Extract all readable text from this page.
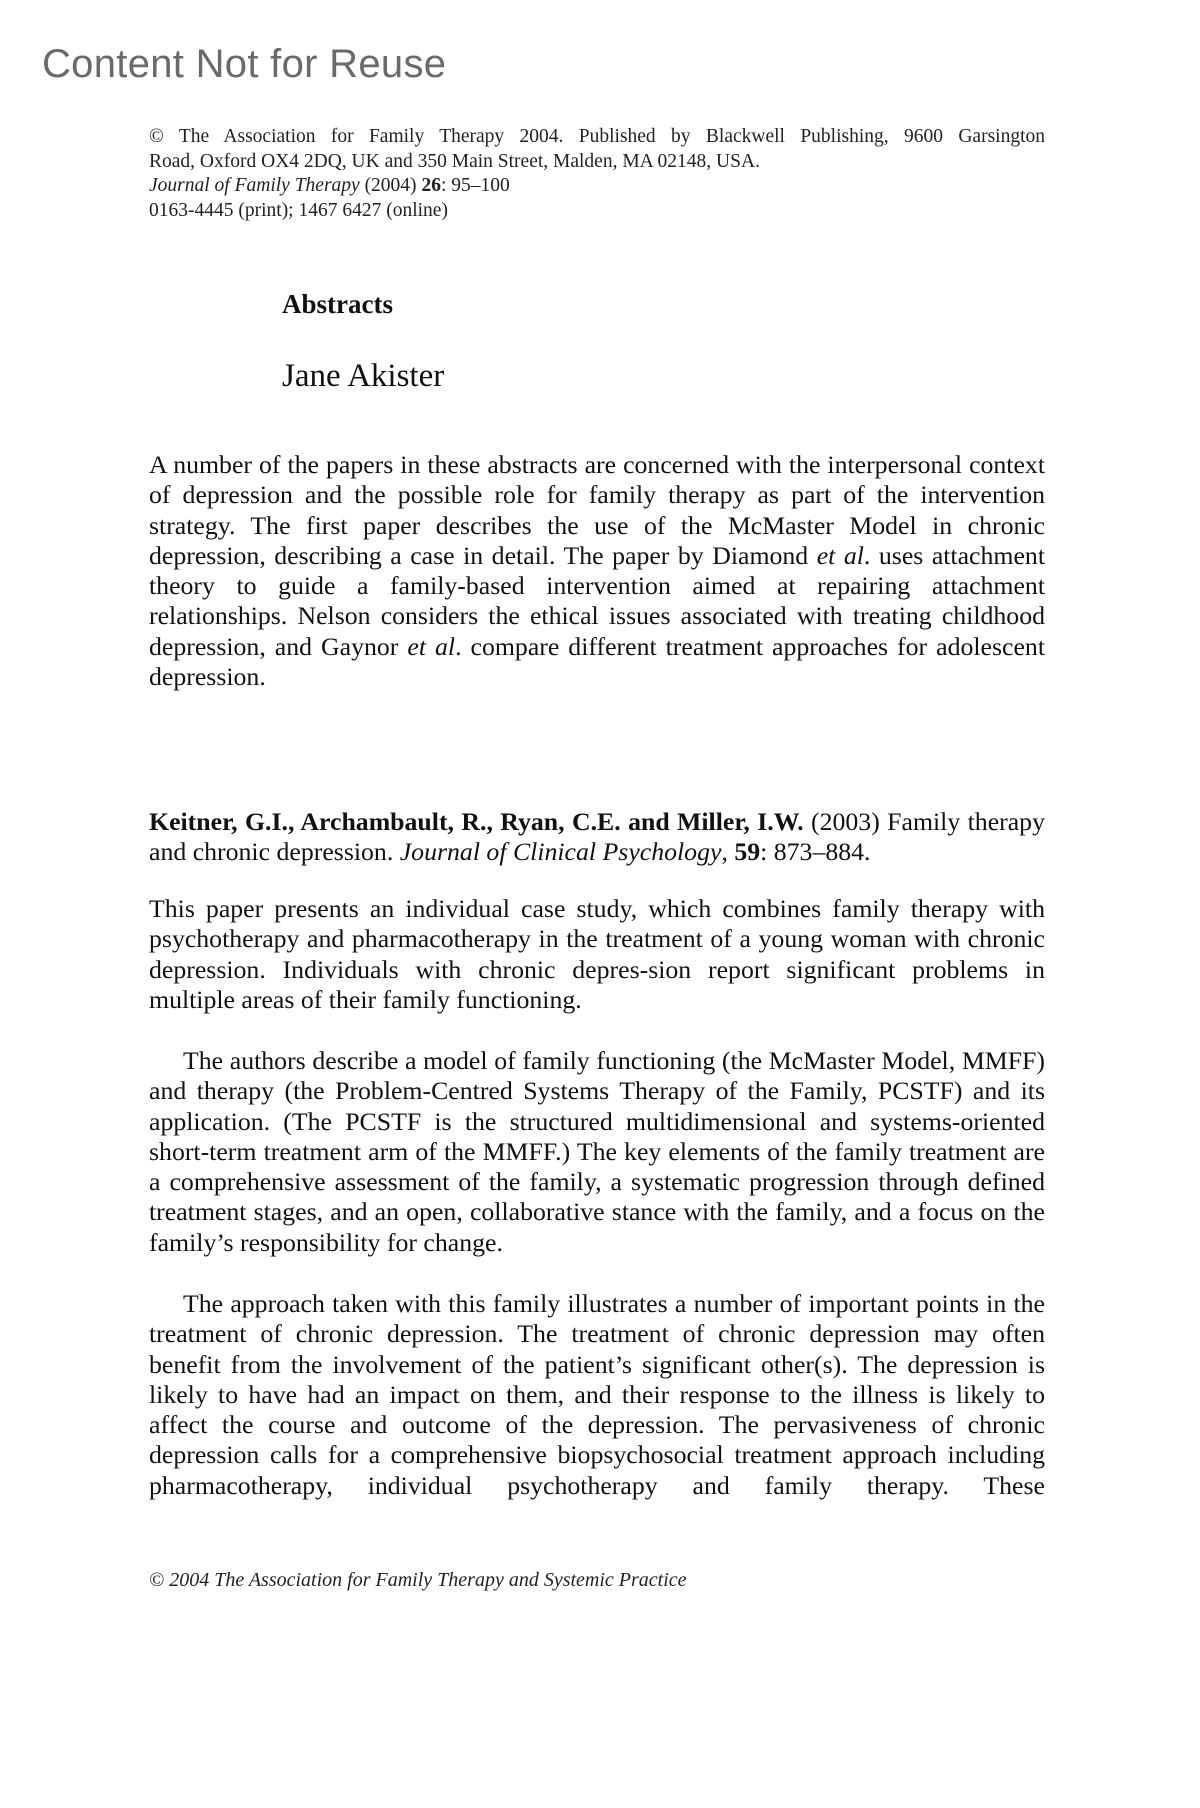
Content Not for Reuse
© The Association for Family Therapy 2004. Published by Blackwell Publishing, 9600 Garsington
Road, Oxford OX4 2DQ, UK and 350 Main Street, Malden, MA 02148, USA.
Journal of Family Therapy (2004) 26: 95–100
0163-4445 (print); 1467 6427 (online)
Abstracts
Jane Akister

A number of the papers in these abstracts are concerned with the interpersonal context of depression and the possible role for family therapy as part of the intervention strategy. The first paper describes the use of the McMaster Model in chronic depression, describing a case in detail. The paper by Diamond et al. uses attachment theory to guide a family-based intervention aimed at repairing attachment relationships. Nelson considers the ethical issues associated with treating childhood depression, and Gaynor et al. compare different treatment approaches for adolescent depression.

Keitner, G.I., Archambault, R., Ryan, C.E. and Miller, I.W. (2003) Family therapy and chronic depression. Journal of Clinical Psychology, 59: 873–884.

This paper presents an individual case study, which combines family therapy with psychotherapy and pharmacotherapy in the treatment of a young woman with chronic depression. Individuals with chronic depres-sion report significant problems in multiple areas of their family functioning.

The authors describe a model of family functioning (the McMaster Model, MMFF) and therapy (the Problem-Centred Systems Therapy of the Family, PCSTF) and its application. (The PCSTF is the structured multidimensional and systems-oriented short-term treatment arm of the MMFF.) The key elements of the family treatment are a comprehensive assessment of the family, a systematic progression through defined treatment stages, and an open, collaborative stance with the family, and a focus on the family’s responsibility for change.

The approach taken with this family illustrates a number of important points in the treatment of chronic depression. The treatment of chronic depression may often benefit from the involvement of the patient’s significant other(s). The depression is likely to have had an impact on them, and their response to the illness is likely to affect the course and outcome of the depression. The pervasiveness of chronic depression calls for a comprehensive biopsychosocial treatment approach including pharmacotherapy, individual psychotherapy and family therapy. These

© 2004 The Association for Family Therapy and Systemic Practice
